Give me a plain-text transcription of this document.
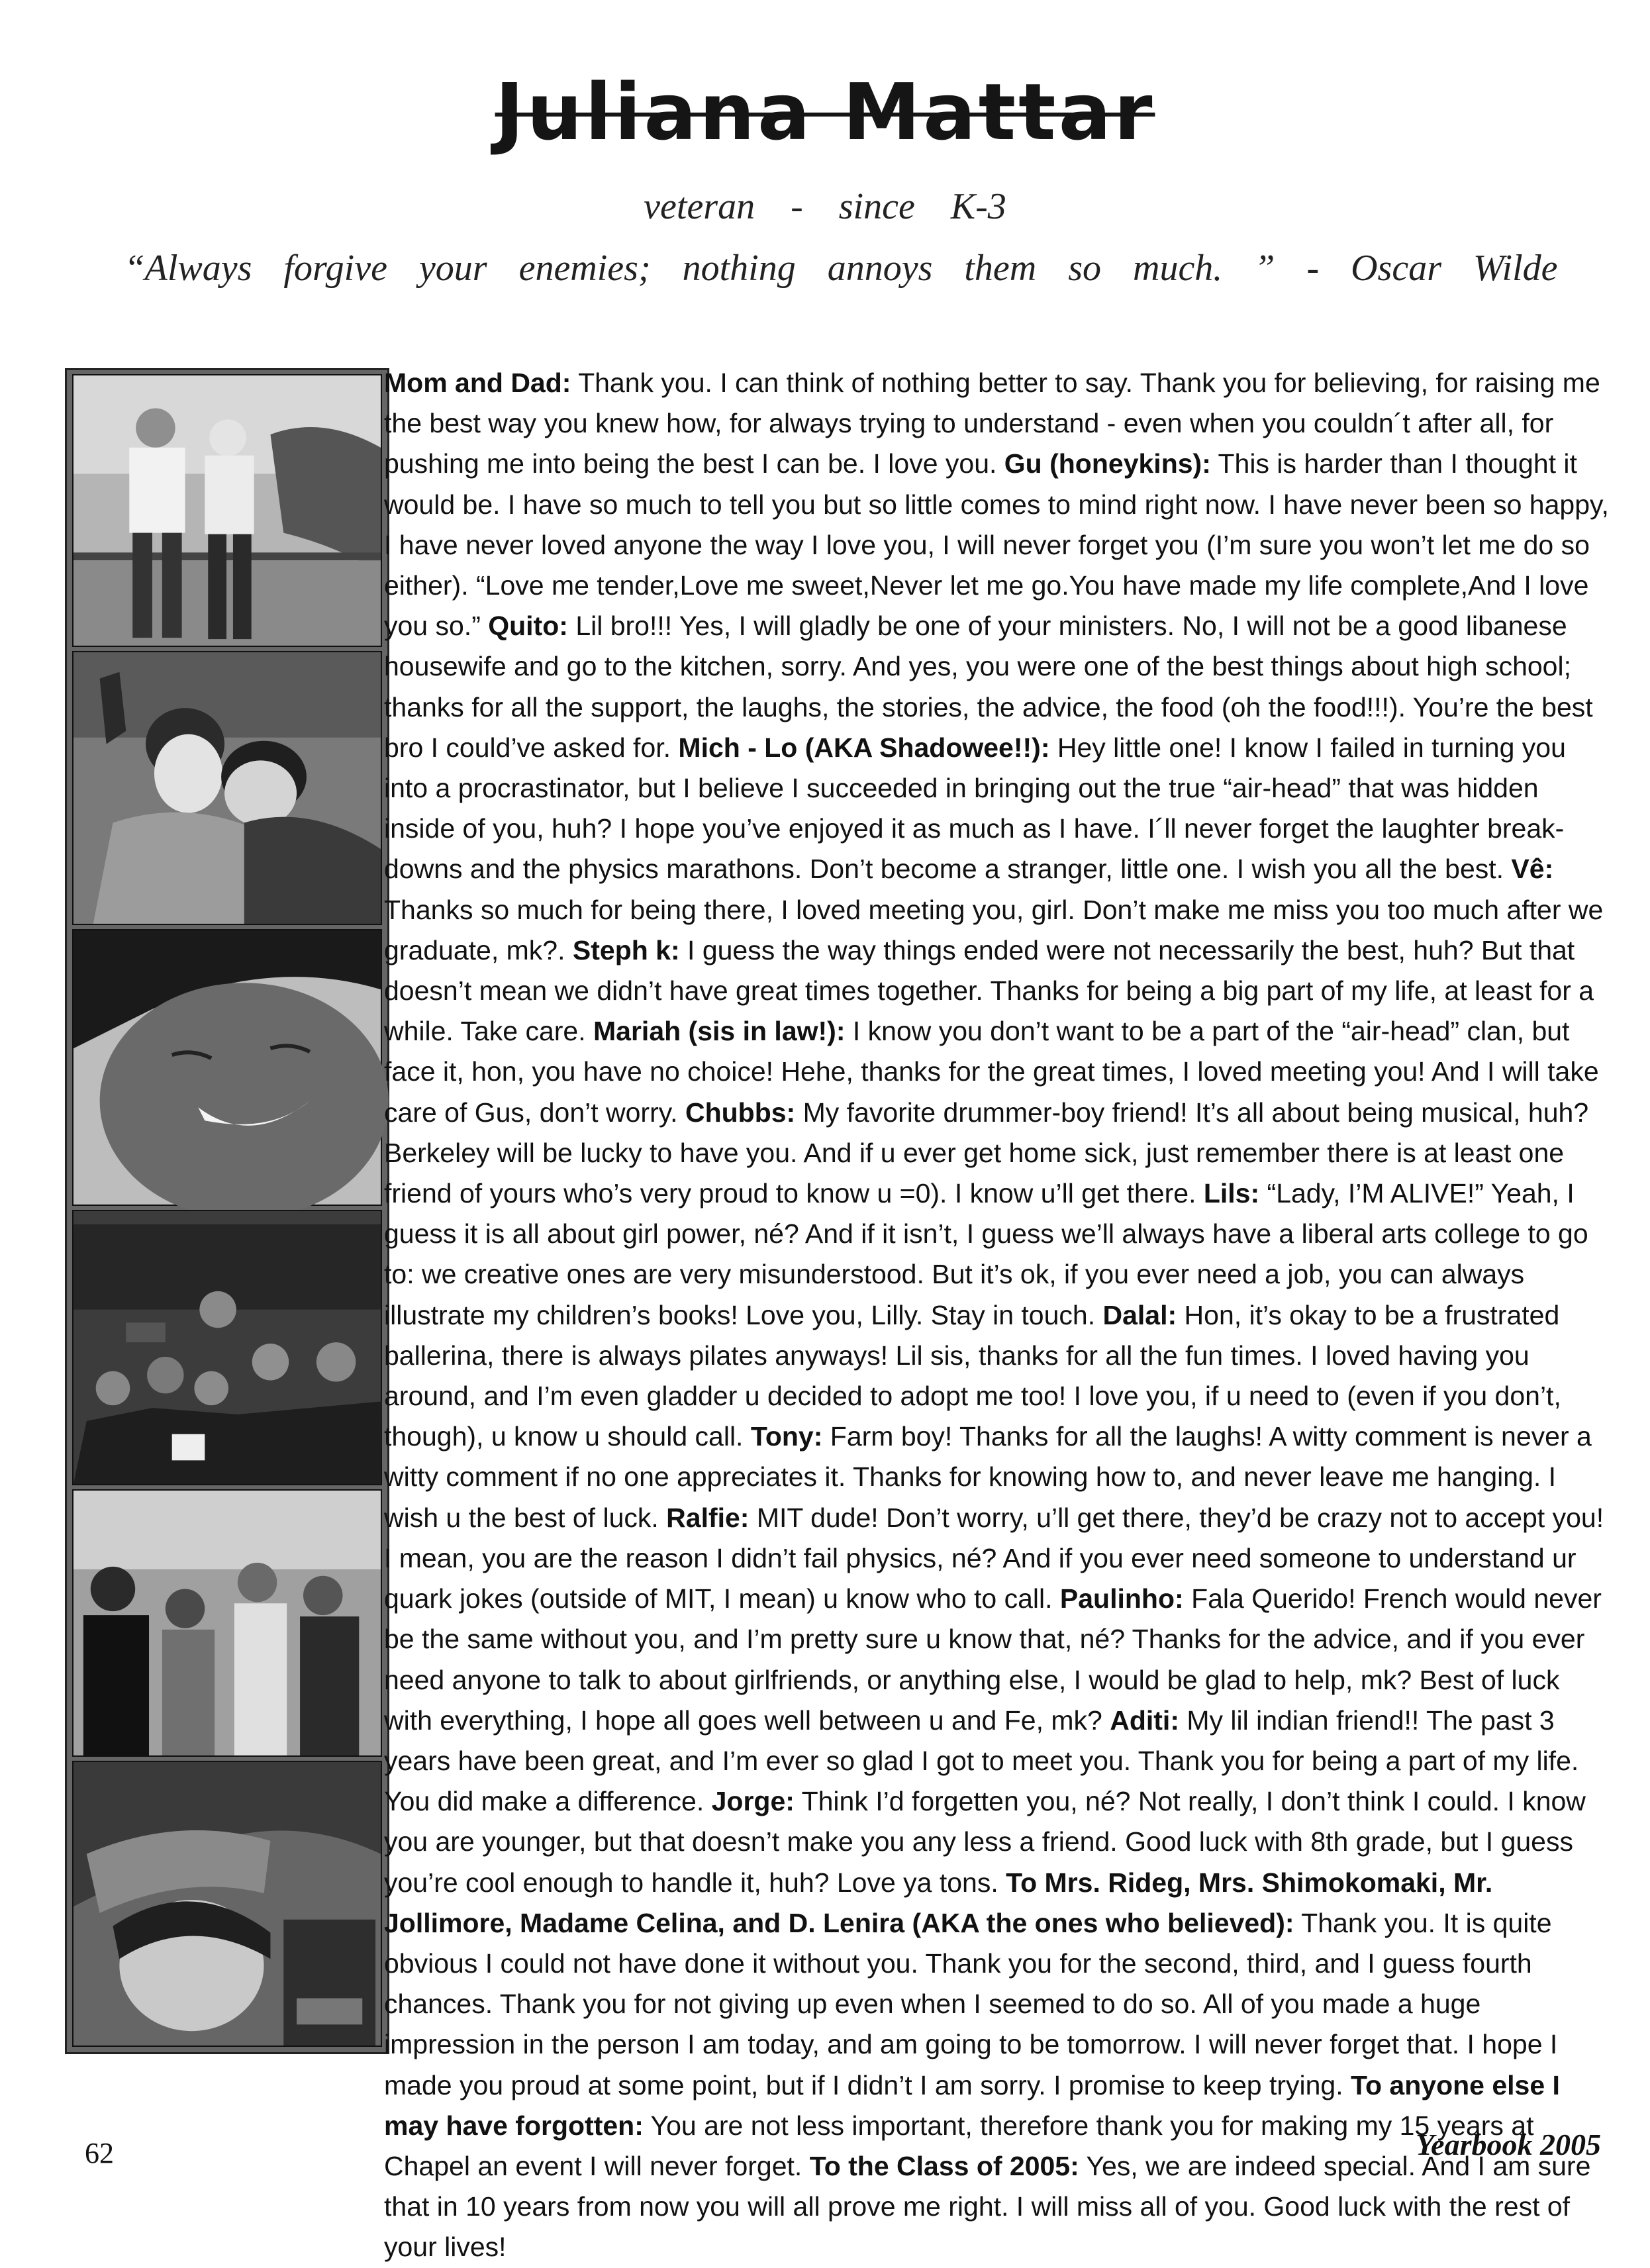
Juliana Mattar
veteran - since K-3
“Always forgive your enemies; nothing annoys them so much. ” - Oscar Wilde
Mom and Dad: Thank you. I can think of nothing better to say. Thank you for believing, for raising me the best way you knew how, for always trying to understand - even when you couldn´t after all, for pushing me into being the best I can be. I love you. Gu (honeykins): This is harder than I thought it would be. I have so much to tell you but so little comes to mind right now. I have never been so happy, I have never loved anyone the way I love you, I will never forget you (I’m sure you won’t let me do so either). “Love me tender,Love me sweet,Never let me go.You have made my life complete,And I love you so.” Quito: Lil bro!!! Yes, I will gladly be one of your ministers. No, I will not be a good libanese housewife and go to the kitchen, sorry. And yes, you were one of the best things about high school; thanks for all the support, the laughs, the stories, the advice, the food (oh the food!!!). You’re the best bro I could’ve asked for. Mich - Lo (AKA Shadowee!!): Hey little one! I know I failed in turning you into a procrastinator, but I believe I succeeded in bringing out the true “air-head” that was hidden inside of you, huh? I hope you’ve enjoyed it as much as I have. I´ll never forget the laughter break-downs and the physics marathons. Don’t become a stranger, little one. I wish you all the best. Vê: Thanks so much for being there, I loved meeting you, girl. Don’t make me miss you too much after we graduate, mk?. Steph k: I guess the way things ended were not necessarily the best, huh? But that doesn’t mean we didn’t have great times together. Thanks for being a big part of my life, at least for a while. Take care. Mariah (sis in law!): I know you don’t want to be a part of the “air-head” clan, but face it, hon, you have no choice! Hehe, thanks for the great times, I loved meeting you! And I will take care of Gus, don’t worry. Chubbs: My favorite drummer-boy friend! It’s all about being musical, huh? Berkeley will be lucky to have you. And if u ever get home sick, just remember there is at least one friend of yours who’s very proud to know u =0). I know u’ll get there. Lils: “Lady, I’M ALIVE!” Yeah, I guess it is all about girl power, né? And if it isn’t, I guess we’ll always have a liberal arts college to go to: we creative ones are very misunderstood. But it’s ok, if you ever need a job, you can always illustrate my children’s books! Love you, Lilly. Stay in touch. Dalal: Hon, it’s okay to be a frustrated ballerina, there is always pilates anyways! Lil sis, thanks for all the fun times. I loved having you around, and I’m even gladder u decided to adopt me too! I love you, if u need to (even if you don’t, though), u know u should call. Tony: Farm boy! Thanks for all the laughs! A witty comment is never a witty comment if no one appreciates it. Thanks for knowing how to, and never leave me hanging. I wish u the best of luck. Ralfie: MIT dude! Don’t worry, u’ll get there, they’d be crazy not to accept you! I mean, you are the reason I didn’t fail physics, né? And if you ever need someone to understand ur quark jokes (outside of MIT, I mean) u know who to call. Paulinho: Fala Querido! French would never be the same without you, and I’m pretty sure u know that, né? Thanks for the advice, and if you ever need anyone to talk to about girlfriends, or anything else, I would be glad to help, mk? Best of luck with everything, I hope all goes well between u and Fe, mk? Aditi: My lil indian friend!! The past 3 years have been great, and I’m ever so glad I got to meet you. Thank you for being a part of my life. You did make a difference. Jorge: Think I’d forgetten you, né? Not really, I don’t think I could. I know you are younger, but that doesn’t make you any less a friend. Good luck with 8th grade, but I guess you’re cool enough to handle it, huh? Love ya tons. To Mrs. Rideg, Mrs. Shimokomaki, Mr. Jollimore, Madame Celina, and D. Lenira (AKA the ones who believed): Thank you. It is quite obvious I could not have done it without you. Thank you for the second, third, and I guess fourth chances. Thank you for not giving up even when I seemed to do so. All of you made a huge impression in the person I am today, and am going to be tomorrow. I will never forget that. I hope I made you proud at some point, but if I didn’t I am sorry. I promise to keep trying. To anyone else I may have forgotten: You are not less important, therefore thank you for making my 15 years at Chapel an event I will never forget. To the Class of 2005: Yes, we are indeed special. And I am sure that in 10 years from now you will all prove me right. I will miss all of you. Good luck with the rest of your lives!
62	Yearbook 2005
